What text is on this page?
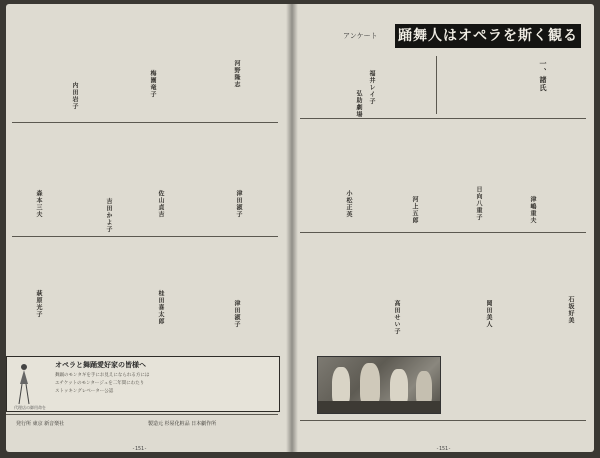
内田岩子	梅園竜子	河野隆志
森本三夫	吉田かよ子	佐山貞吉	津田淑子
萩原光子	桂田喜太郎	津田淑子
オペラと舞踊愛好家の皆様へ
舞踊のモンタギを手にお見えになられる方には
エチケットのモンタージュを二年間にわたり
ストッキングレベーター公認
代理店の御用命を
発行所 東京 新音楽社	製造元 杉屋化粧品 日本劇作所
-151-
アンケート 踊舞人はオペラを斯く観る
一、諸氏
福井レイ子
弘助劇場
小松正英	河上五郎	日向八重子	津嶋重夫
高田せい子	岡田美人	石坂好美
-151-
